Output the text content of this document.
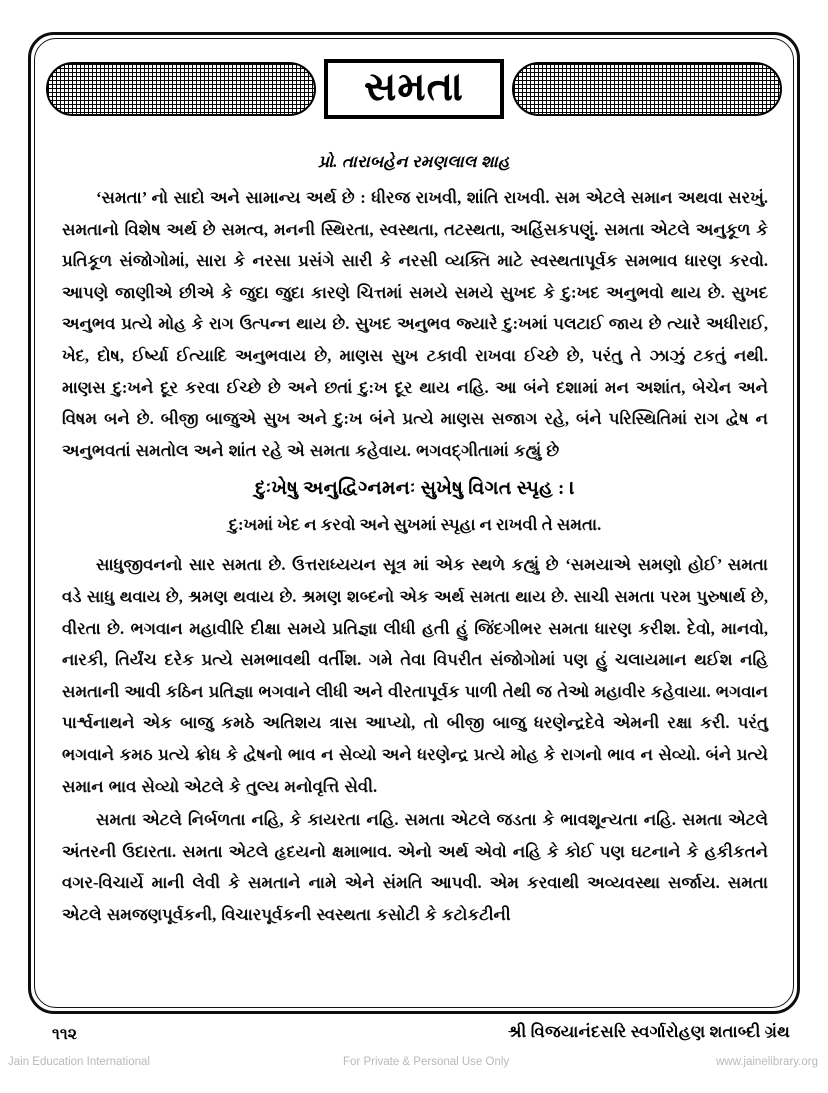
સમતા
પ્રો. તારાબહેન રમણલાલ શાહ

‘સમતા’ નો સાદો અને સામાન્ય અર્થ છે : ધીરજ રાખવી, શાંતિ રાખવી. સમ એટલે સમાન અથવા સરખું. સમતાનો વિશેષ અર્થ છે સમત્વ, મનની સ્થિરતા, સ્વસ્થતા, તટસ્થતા, અહિંસકપણું. સમતા એટલે અનુકૂળ કે પ્રતિકૂળ સંજોગોમાં, સારા કે નરસા પ્રસંગે સારી કે નરસી વ્યક્તિ માટે સ્વસ્થતાપૂર્વક સમભાવ ધારણ કરવો. આપણે જાણીએ છીએ કે જુદા જુદા કારણે ચિત્તમાં સમયે સમયે સુખદ કે દુ:ખદ અનુભવો થાય છે. સુખદ અનુભવ પ્રત્યે મોહ કે રાગ ઉત્પન્ન થાય છે. સુખદ અનુભવ જ્યારે દુ:ખમાં પલટાઈ જાય છે ત્યારે અધીરાઈ, ખેદ, દોષ, ઈર્ષ્યા ઈત્યાદિ અનુભવાય છે, માણસ સુખ ટકાવી રાખવા ઈચ્છે છે, પરંતુ તે ઝાઝું ટકતું નથી. માણસ દુ:ખને દૂર કરવા ઈચ્છે છે અને છતાં દુ:ખ દૂર થાય નહિ. આ બંને દશામાં મન અશાંત, બેચેન અને વિષમ બને છે. બીજી બાજુએ સુખ અને દુ:ખ બંને પ્રત્યે માણસ સજાગ રહે, બંને પરિસ્થિતિમાં રાગ દ્વેષ ન અનુભવતાં સમતોલ અને શાંત રહે એ સમતા કહેવાય. ભગવદ્ગીતામાં કહ્યું છે

દુઃખેષુ અનુદ્વિગ્નમનઃ સુખેષુ વિગત સ્પૃહ : ।

દુ:ખમાં ખેદ ન કરવો અને સુખમાં સ્પૃહા ન રાખવી તે સમતા.

સાધુજીવનનો સાર સમતા છે. ઉત્તરાધ્યયન સૂત્ર માં એક સ્થળે કહ્યું છે ‘સમયાએ સમણો હોઈ’ સમતા વડે સાધુ થવાય છે, શ્રમણ થવાય છે. શ્રમણ શબ્દનો એક અર્થ સમતા થાય છે. સાચી સમતા પરમ પુરુષાર્થ છે, વીરતા છે. ભગવાન મહાવીરિ દીક્ષા સમયે પ્રતિજ્ઞા લીધી હતી હું જિંદગીભર સમતા ધારણ કરીશ. દેવો, માનવો, નારકી, તિર્યંચ દરેક પ્રત્યે સમભાવથી વર્તીશ. ગમે તેવા વિપરીત સંજોગોમાં પણ હું ચલાયમાન થઈશ નહિ સમતાની આવી કઠિન પ્રતિજ્ઞા ભગવાને લીધી અને વીરતાપૂર્વક પાળી તેથી જ તેઓ મહાવીર કહેવાયા. ભગવાન પાર્શ્વનાથને એક બાજુ કમઠે અતિશય ત્રાસ આપ્યો, તો બીજી બાજુ ધરણેન્દ્રદેવે એમની રક્ષા કરી. પરંતુ ભગવાને કમઠ પ્રત્યે ક્રોધ કે દ્વેષનો ભાવ ન સેવ્યો અને ધરણેન્દ્ર પ્રત્યે મોહ કે રાગનો ભાવ ન સેવ્યો. બંને પ્રત્યે સમાન ભાવ સેવ્યો એટલે કે તુલ્ય મનોવૃત્તિ સેવી.

સમતા એટલે નિર્બળતા નહિ, કે કાયરતા નહિ. સમતા એટલે જડતા કે ભાવશૂન્યતા નહિ. સમતા એટલે અંતરની ઉદારતા. સમતા એટલે હૃદયનો ક્ષમાભાવ. એનો અર્થ એવો નહિ કે કોઈ પણ ઘટનાને કે હકીકતને વગર-વિચાર્યે માની લેવી કે સમતાને નામે એને સંમતિ આપવી. એમ કરવાથી અવ્યવસ્થા સર્જાય. સમતા એટલે સમજણપૂર્વકની, વિચારપૂર્વકની સ્વસ્થતા કસોટી કે કટોકટીની

૧૧૨	શ્રી વિજયાનંદસરિ સ્વર્ગારોહણ શતાબ્દી ગ્રંથ
Jain Education International	For Private & Personal Use Only	www.jainelibrary.org
